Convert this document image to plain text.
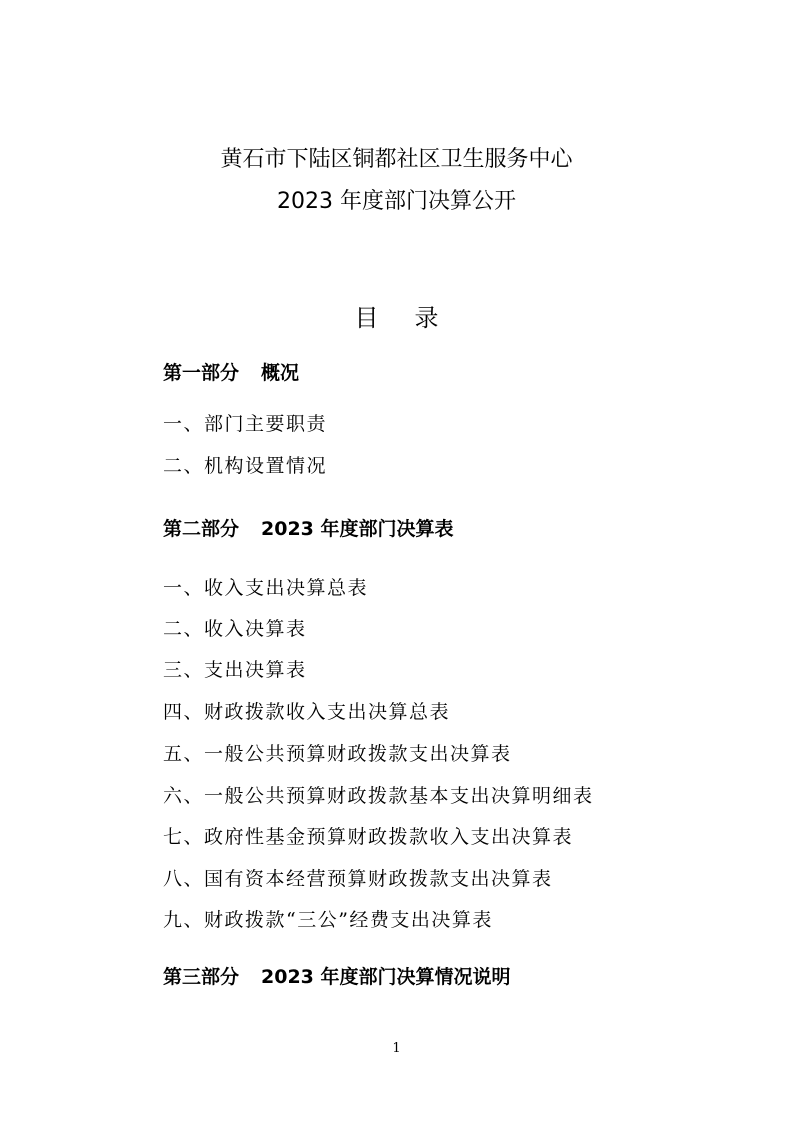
黄石市下陆区铜都社区卫生服务中心
2023 年度部门决算公开
目录
第一部分 概况
一、部门主要职责
二、机构设置情况
第二部分 2023 年度部门决算表
一、收入支出决算总表
二、收入决算表
三、支出决算表
四、财政拨款收入支出决算总表
五、一般公共预算财政拨款支出决算表
六、一般公共预算财政拨款基本支出决算明细表
七、政府性基金预算财政拨款收入支出决算表
八、国有资本经营预算财政拨款支出决算表
九、财政拨款“三公”经费支出决算表
第三部分 2023 年度部门决算情况说明
1
